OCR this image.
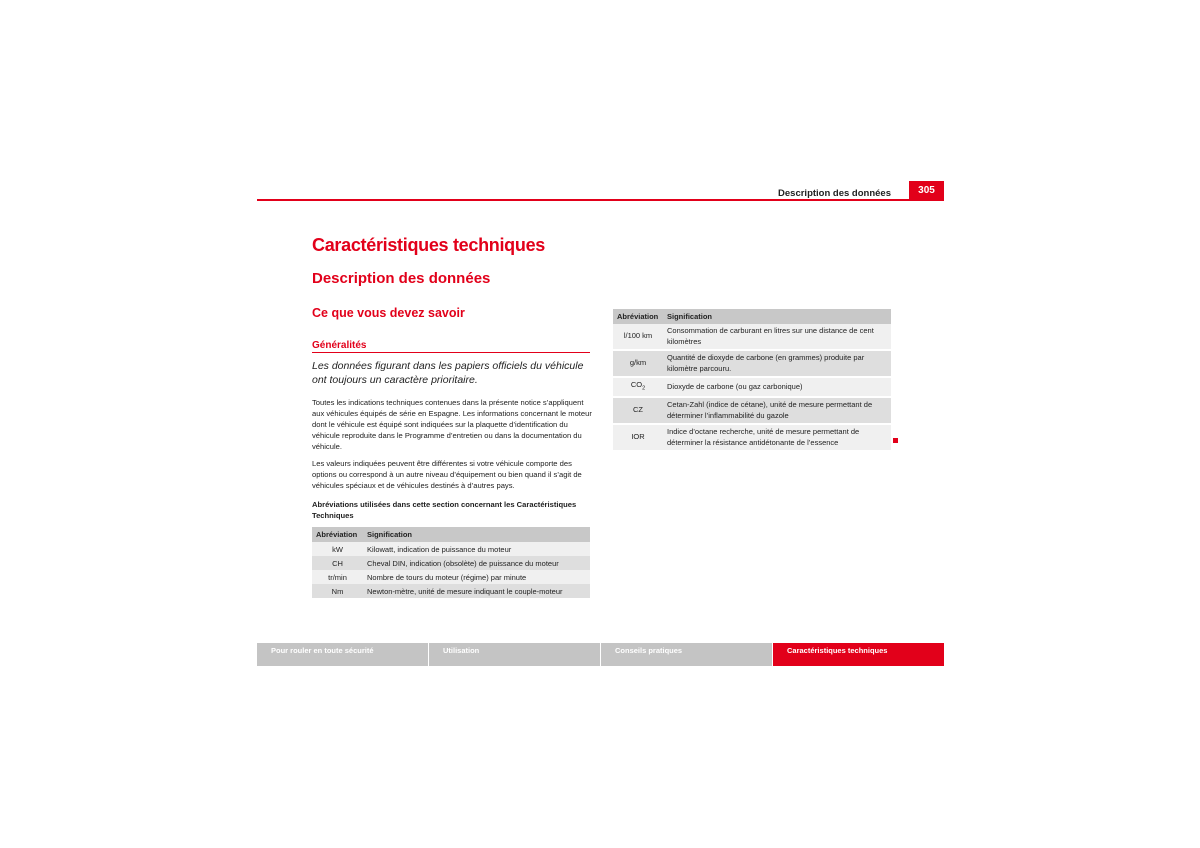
Description des données	305
Caractéristiques techniques
Description des données
Ce que vous devez savoir
Généralités

Les données figurant dans les papiers officiels du véhicule ont toujours un caractère prioritaire.

Toutes les indications techniques contenues dans la présente notice s’appliquent aux véhicules équipés de série en Espagne. Les informations concernant le moteur dont le véhicule est équipé sont indiquées sur la plaquette d’identification du véhicule reproduite dans le Programme d’entretien ou dans la documentation du véhicule.

Les valeurs indiquées peuvent être différentes si votre véhicule comporte des options ou correspond à un autre niveau d’équipement ou bien quand il s’agit de véhicules spéciaux et de véhicules destinés à d’autres pays.

Abréviations utilisées dans cette section concernant les Caractéristiques Techniques

Abréviation	Signification
kW	Kilowatt, indication de puissance du moteur
CH	Cheval DIN, indication (obsolète) de puissance du moteur
tr/min	Nombre de tours du moteur (régime) par minute
Nm	Newton-mètre, unité de mesure indiquant le couple-moteur
Abréviation	Signification
l/100 km	Consommation de carburant en litres sur une distance de cent kilomètres
g/km	Quantité de dioxyde de carbone (en grammes) produite par kilomètre parcouru.
$CO_2$	Dioxyde de carbone (ou gaz carbonique)
CZ	Cetan-Zahl (indice de cétane), unité de mesure permettant de déterminer l’inflammabilité du gazole
IOR	Indice d’octane recherche, unité de mesure permettant de déterminer la résistance antidétonante de l’essence
Pour rouler en toute sécurité	Utilisation	Conseils pratiques	Caractéristiques techniques
